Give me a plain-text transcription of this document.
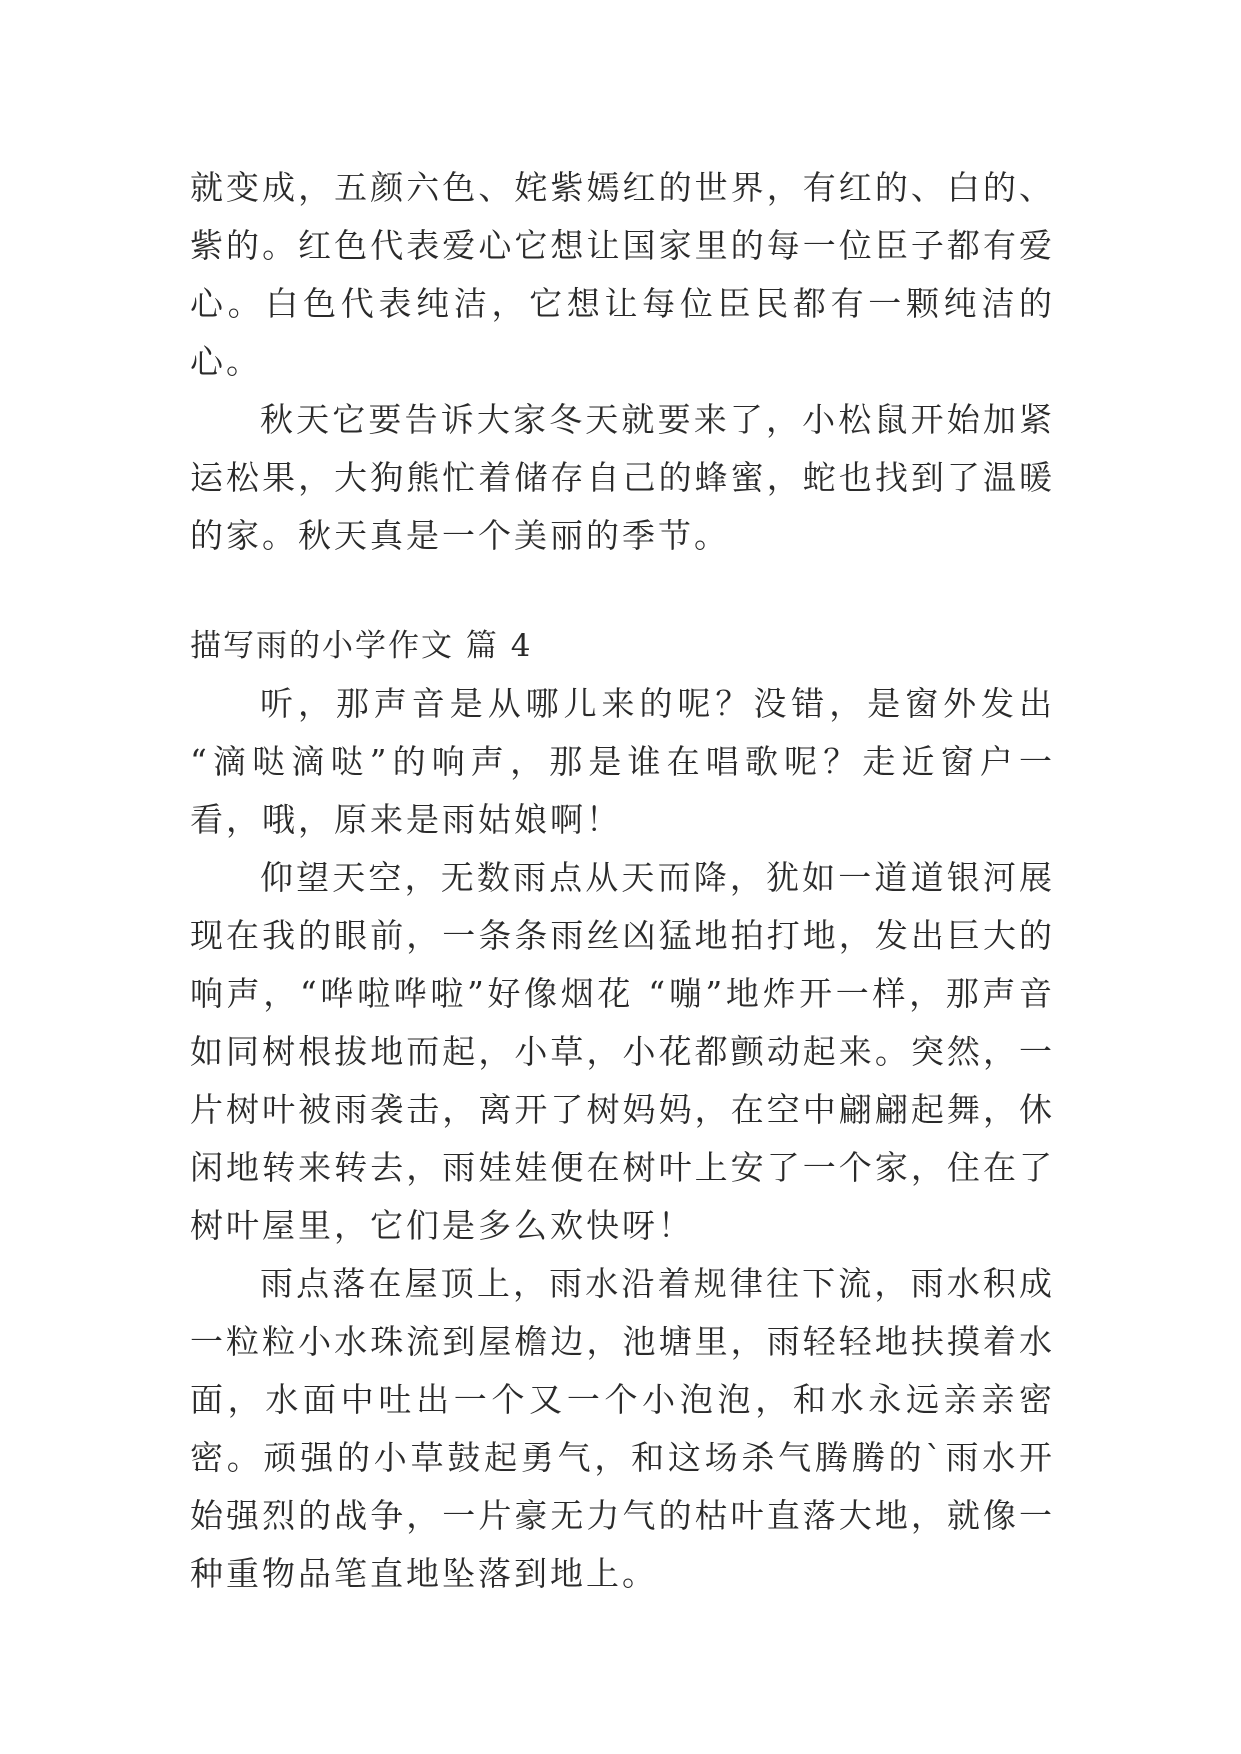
就变成，五颜六色、姹紫嫣红的世界，有红的、白的、紫的。红色代表爱心它想让国家里的每一位臣子都有爱心。白色代表纯洁，它想让每位臣民都有一颗纯洁的心。

秋天它要告诉大家冬天就要来了，小松鼠开始加紧运松果，大狗熊忙着储存自己的蜂蜜，蛇也找到了温暖的家。秋天真是一个美丽的季节。

描写雨的小学作文 篇 4

听，那声音是从哪儿来的呢？没错，是窗外发出 “滴哒滴哒”的响声，那是谁在唱歌呢？走近窗户一看，哦，原来是雨姑娘啊！

仰望天空，无数雨点从天而降，犹如一道道银河展现在我的眼前，一条条雨丝凶猛地拍打地，发出巨大的响声，“哗啦哗啦”好像烟花 “嘣”地炸开一样，那声音如同树根拔地而起，小草，小花都颤动起来。突然，一片树叶被雨袭击，离开了树妈妈，在空中翩翩起舞，休闲地转来转去，雨娃娃便在树叶上安了一个家，住在了树叶屋里，它们是多么欢快呀！

雨点落在屋顶上，雨水沿着规律往下流，雨水积成一粒粒小水珠流到屋檐边，池塘里，雨轻轻地扶摸着水面，水面中吐出一个又一个小泡泡，和水永远亲亲密密。顽强的小草鼓起勇气，和这场杀气腾腾的`雨水开始强烈的战争，一片豪无力气的枯叶直落大地，就像一种重物品笔直地坠落到地上。
